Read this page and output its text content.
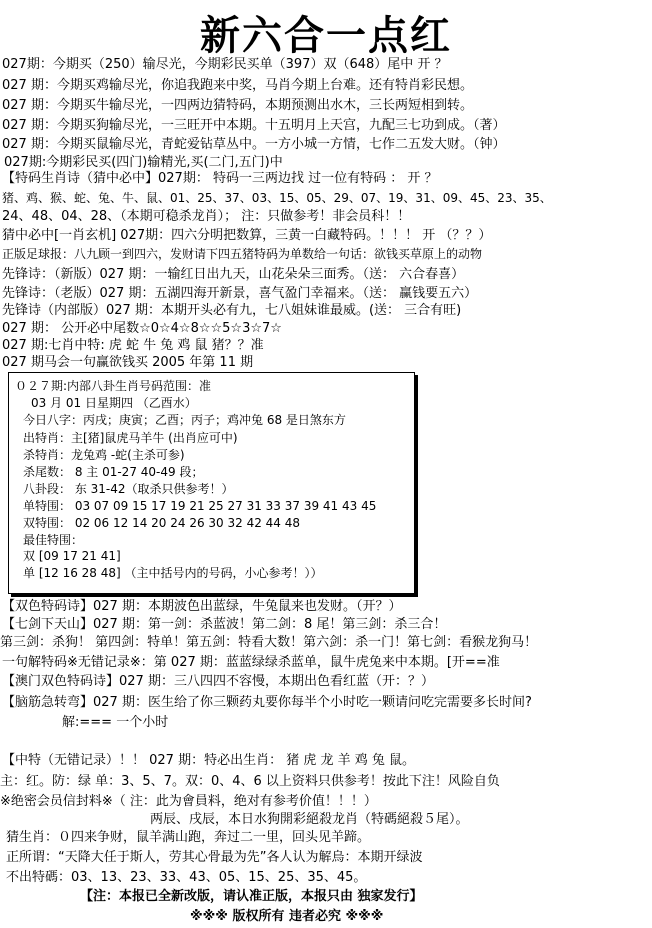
新六合一点红
027期：今期买（250）输尽光，今期彩民买单（397）双（648）尾中 开 ？
027 期：今期买鸡输尽光，你追我跑来中奖，马肖今期上台难。还有特肖彩民想。
027 期：今期买牛输尽光，一四两边猜特码，本期预测出水木，三长两短相到转。
027 期：今期买狗输尽光，一三旺开中本期。十五明月上天宫，九配三七功到成。（著）
027 期：今期买鼠输尽光，青蛇爱钻草丛中。一方小城一方情，七作二五发大财。（钟）
027期:今期彩民买(四门)输精光,买(二门,五门)中
【特码生肖诗（猜中必中】027期： 特码一三两边找 过一位有特码 ： 开 ？
猪、鸡、猴、蛇、兔、牛、鼠、01、25、37、03、15、05、29、07、19、31、09、45、23、35、
24、48、04、28、（本期可稳杀龙肖）； 注：只做参考！非会员科！！
猜中必中[一肖玄机] 027期：四六分明把数算，三黄一白藏特码。！！！ 开 （？？）
正版足球报：八九顾一到四六，发财请下四五猪特码为单数给一句话：欲钱买草原上的动物
先锋诗：（新版）027 期：一输红日出九天，山花朵朵三面秀。（送： 六合春喜）
先锋诗：（老版）027 期：五湖四海开新景，喜气盈门幸福来。（送： 赢钱要五六）
先锋诗（内部版）027 期：本期开头必有九，七八姐妹谁最威。(送： 三合有旺)
027 期： 公开必中尾数☆0☆4☆8☆☆5☆3☆7☆
027 期:七肖中特: 虎 蛇 牛 兔 鸡 鼠 猪？？准
027 期马会一句赢欲钱买 2005 年第 11 期
０２７期:内部八卦生肖号码范围：准
03 月 01 日星期四 （乙酉水）
今日八字：丙戌；庚寅；乙酉；丙子；鸡冲兔 68 是日煞东方
出特肖：主[猪]鼠虎马羊牛 (出肖应可中)
杀特肖：龙兔鸡 -蛇(主杀可参)
杀尾数： 8 主 01-27 40-49 段；
八卦段： 东 31-42（取杀只供参考！）
单特围： 03 07 09 15 17 19 21 25 27 31 33 37 39 41 43 45
双特围： 02 06 12 14 20 24 26 30 32 42 44 48
最佳特围：
双 [09 17 21 41]
单 [12 16 28 48] （主中括号内的号码，小心参考！））
【双色特码诗】027 期：本期波色出蓝绿，牛兔鼠来也发财。（开？）
【七剑下天山】027 期：第一剑：杀蓝波！第二剑：8 尾！第三剑：杀三合！
第三剑：杀狗！ 第四剑：特单！第五剑：特看大数！第六剑：杀一门！第七剑：看猴龙狗马！
一句解特码※无错记录※：第 027 期：蓝蓝绿绿杀蓝单，鼠牛虎兔来中本期。[开==准
【澳门双色特码诗】027 期：三八四四不容慢，本期出色看红蓝（开：？）
【脑筋急转弯】027 期：医生给了你三颗药丸要你每半个小时吃一颗请问吃完需要多长时间?
解:=== 一个小时
【中特（无错记录）！！ 027 期：特必出生肖： 猪 虎 龙 羊 鸡 兔 鼠。
主：红。防：绿 单：3、5、7。双：0、4、6 以上资料只供参考！按此下注！风险自负
※绝密会员信封料※（ 注：此为會員料，绝对有参考价值！！！）
两辰、戌辰，本日水狗開彩絕殺龙肖（特碼絕殺５尾）。
猜生肖：０四来争财，鼠羊满山跑，奔过二一里，回头见羊蹄。
正所谓：“天降大任于斯人，劳其心骨最为先”各人认为解烏：本期开绿波
不出特碼：03、13、23、33、43、05、15、25、35、45。
【注：本报已全新改版，请认准正版，本报只由 独家发行】
※※※ 版权所有 违者必究 ※※※
